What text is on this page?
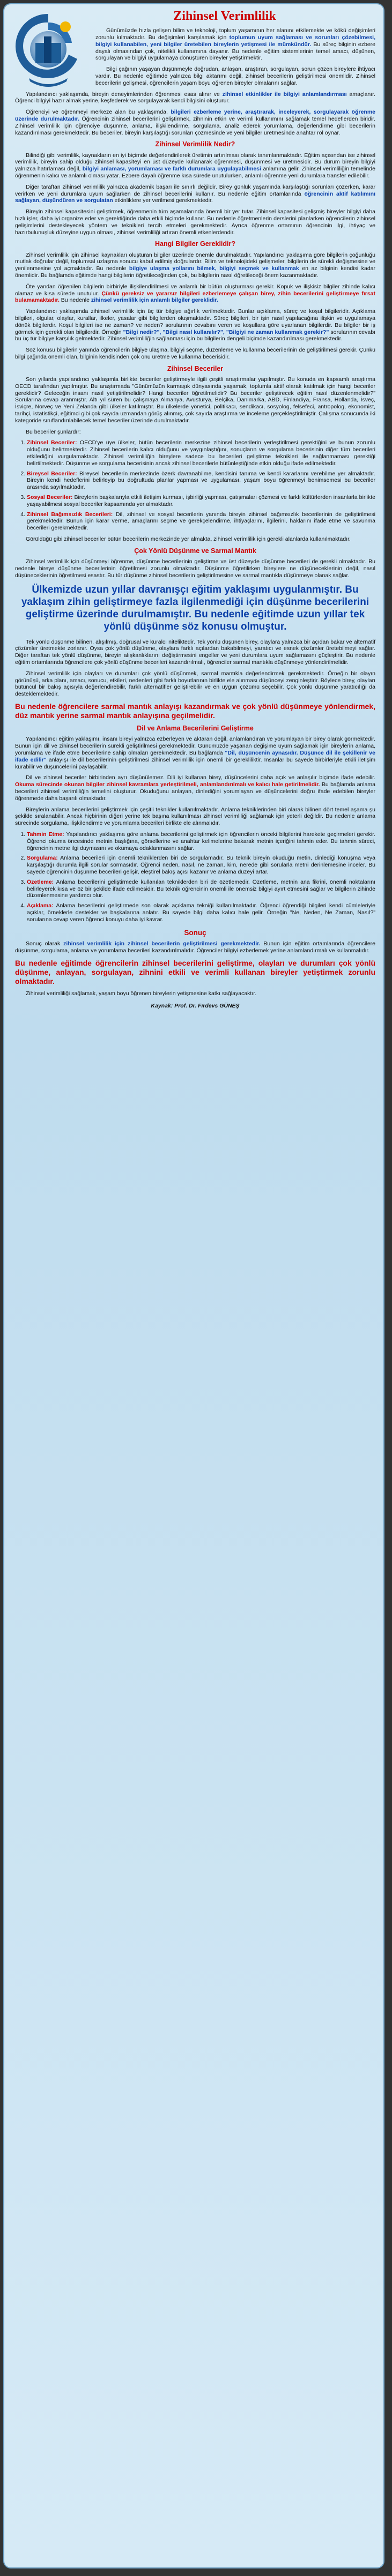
Zihinsel Verimlilik

Günümüzde hızla gelişen bilim ve teknoloji, toplum yaşamının her alanını etkilemekte ve kökü değişimleri zorunlu kılmaktadır. Bu değişimleri karşılamak için toplumun uyum sağlaması ve sorunları çözebilmesi, bilgiyi kullanabilen, yeni bilgiler üretebilen bireylerin yetişmesi ile mümkündür. Bu süreç bilginin ezbere dayalı olmasından çok, nitelikli kullanımına dayanır. Bu nedenle eğitim sistemlerinin temel amacı, düşünen, sorgulayan ve bilgiyi uygulamaya dönüştüren bireyler yetiştirmektir.

Bilgi çağının yaşayan düşünmeyle doğrudan, anlaşan, araştıran, sorgulayan, sorun çözen bireylere ihtiyacı vardır. Bu nedenle eğitimde yalnızca bilgi aktarımı değil, zihinsel becerilerin geliştirilmesi önemlidir. Zihinsel becerilerin gelişmesi, öğrencilerin yaşam boyu öğrenen bireyler olmalarını sağlar.

Yapılandırıcı yaklaşımda, bireyin deneyimlerinden öğrenmesi esas alınır ve zihinsel etkinlikler ile bilgiyi anlamlandırması amaçlanır. Öğrenci bilgiyi hazır almak yerine, keşfederek ve sorgulayarak kendi bilgisini oluşturur.

Öğrenciyi ve öğrenmeyi merkeze alan bu yaklaşımda, bilgileri ezberleme yerine, araştırarak, inceleyerek, sorgulayarak öğrenme üzerinde durulmaktadır. Öğrencinin zihinsel becerilerini geliştirmek, zihninin etkin ve verimli kullanımını sağlamak temel hedeflerden biridir. Zihinsel verimlilik için öğrenciye düşünme, anlama, ilişkilendirme, sorgulama, analiz ederek yorumlama, değerlendirme gibi becerilerin kazandırılması gerekmektedir. Bu beceriler, bireyin karşılaştığı sorunları çözmesinde ve yeni bilgiler üretmesinde anahtar rol oynar.

Zihinsel Verimlilik Nedir?

Bilindiği gibi verimlilik, kaynakların en iyi biçimde değerlendirilerek üretimin artırılması olarak tanımlanmaktadır. Eğitim açısından ise zihinsel verimlilik, bireyin sahip olduğu zihinsel kapasiteyi en üst düzeyde kullanarak öğrenmesi, düşünmesi ve üretmesidir. Bu durum bireyin bilgiyi yalnızca hatırlaması değil, bilgiyi anlaması, yorumlaması ve farklı durumlara uygulayabilmesi anlamına gelir. Zihinsel verimliliğin temelinde öğrenmenin kalıcı ve anlamlı olması yatar. Ezbere dayalı öğrenme kısa sürede unutulurken, anlamlı öğrenme yeni durumlara transfer edilebilir.

Diğer taraftan zihinsel verimlilik yalnızca akademik başarı ile sınırlı değildir. Birey günlük yaşamında karşılaştığı sorunları çözerken, karar verirken ve yeni durumlara uyum sağlarken de zihinsel becerilerini kullanır. Bu nedenle eğitim ortamlarında öğrencinin aktif katılımını sağlayan, düşündüren ve sorgulatan etkinliklere yer verilmesi gerekmektedir.

Bireyin zihinsel kapasitesini geliştirmek, öğrenmenin tüm aşamalarında önemli bir yer tutar. Zihinsel kapasitesi gelişmiş bireyler bilgiyi daha hızlı işler, daha iyi organize eder ve gerektiğinde daha etkili biçimde kullanır. Bu nedenle öğretmenlerin derslerini planlarken öğrencilerin zihinsel gelişimlerini destekleyecek yöntem ve teknikleri tercih etmeleri gerekmektedir. Ayrıca öğrenme ortamının öğrencinin ilgi, ihtiyaç ve hazırbulunuşluk düzeyine uygun olması, zihinsel verimliliği artıran önemli etkenlerdendir.

Hangi Bilgiler Gereklidir?

Zihinsel verimlilik için zihinsel kaynakları oluşturan bilgiler üzerinde önemle durulmaktadır. Yapılandırıcı yaklaşıma göre bilgilerin çoğunluğu mutlak doğrular değil, toplumsal uzlaşma sonucu kabul edilmiş doğrulardır. Bilim ve teknolojideki gelişmeler, bilgilerin de sürekli değişmesine ve yenilenmesine yol açmaktadır. Bu nedenle bilgiye ulaşma yollarını bilmek, bilgiyi seçmek ve kullanmak en az bilginin kendisi kadar önemlidir. Bu bağlamda eğitimde hangi bilgilerin öğretileceğinden çok, bu bilgilerin nasıl öğretileceği önem kazanmaktadır.

Öte yandan öğrenilen bilgilerin birbiriyle ilişkilendirilmesi ve anlamlı bir bütün oluşturması gerekir. Kopuk ve ilişkisiz bilgiler zihinde kalıcı olamaz ve kısa sürede unutulur. Çünkü gereksiz ve yararsız bilgileri ezberlemeye çalışan birey, zihin becerilerini geliştirmeye fırsat bulamamaktadır. Bu nedenle zihinsel verimlilik için anlamlı bilgiler gereklidir.

Yapılandırıcı yaklaşımda zihinsel verimlilik için üç tür bilgiye ağırlık verilmektedir. Bunlar açıklama, süreç ve koşul bilgileridir. Açıklama bilgileri, olgular, olaylar, kurallar, ilkeler, yasalar gibi bilgilerden oluşmaktadır. Süreç bilgileri, bir işin nasıl yapılacağına ilişkin ve uygulamaya dönük bilgilerdir. Koşul bilgileri ise ne zaman? ve neden? sorularının cevabını veren ve koşullara göre uyarlanan bilgilerdir. Bu bilgiler bir iş görmek için gerekli olan bilgilerdir. Örneğin "Bilgi nedir?", "Bilgi nasıl kullanılır?", "Bilgiyi ne zaman kullanmak gerekir?" sorularının cevabı bu üç tür bilgiye karşılık gelmektedir. Zihinsel verimliliğin sağlanması için bu bilgilerin dengeli biçimde kazandırılması gerekmektedir.

Söz konusu bilgilerin yanında öğrencilerin bilgiye ulaşma, bilgiyi seçme, düzenleme ve kullanma becerilerinin de geliştirilmesi gerekir. Çünkü bilgi çağında önemli olan, bilginin kendisinden çok onu üretme ve kullanma becerisidir.

Zihinsel Beceriler

Son yıllarda yapılandırıcı yaklaşımla birlikte beceriler geliştirmeyle ilgili çeşitli araştırmalar yapılmıştır. Bu konuda en kapsamlı araştırma OECD tarafından yapılmıştır. Bu araştırmada "Günümüzün karmaşık dünyasında yaşamak, toplumla aktif olarak katılmak için hangi beceriler gereklidir? Geleceğin insanı nasıl yetiştirilmelidir? Hangi beceriler öğretilmelidir? Bu beceriler geliştirecek eğitim nasıl düzenlenmelidir?" Sorularına cevap aranmıştır. Altı yıl süren bu çalışmaya Almanya, Avusturya, Belçika, Danimarka, ABD, Finlandiya, Fransa, Hollanda, İsveç, İsviçre, Norveç ve Yeni Zelanda gibi ülkeler katılmıştır. Bu ülkelerde yönetici, politikacı, sendikacı, sosyolog, felsefeci, antropolog, ekonomist, tarihçi, istatistikçi, eğitimci gibi çok sayıda uzmandan görüş alınmış, çok sayıda araştırma ve inceleme gerçekleştirilmiştir. Çalışma sonucunda iki kategoride sınıflandırılabilecek temel beceriler üzerinde durulmaktadır.

Bu beceriler şunlardır:

1. Zihinsel Beceriler: OECD'ye üye ülkeler, bütün becerilerin merkezine zihinsel becerilerin yerleştirilmesi gerektiğini ve bunun zorunlu olduğunu belirtmektedir. Zihinsel becerilerin kalıcı olduğunu ve yaygınlaştığını, sonuçların ve sorgulama becerisinin diğer tüm becerileri etkilediğini vurgulamaktadır. Zihinsel verimliliğin bireylere sadece bu becerileri geliştirme teknikleri ile sağlanmaması gerektiği belirtilmektedir. Düşünme ve sorgulama becerisinin ancak zihinsel becerilerle bütünleştiğinde etkin olduğu ifade edilmektedir.
2. Bireysel Beceriler: Bireysel becerilerin merkezinde özerk davranabilme, kendisini tanıma ve kendi kararlarını verebilme yer almaktadır. Bireyin kendi hedeflerini belirleyip bu doğrultuda planlar yapması ve uygulaması, yaşam boyu öğrenmeyi benimsemesi bu beceriler arasında sayılmaktadır.
3. Sosyal Beceriler: Bireylerin başkalarıyla etkili iletişim kurması, işbirliği yapması, çatışmaları çözmesi ve farklı kültürlerden insanlarla birlikte yaşayabilmesi sosyal beceriler kapsamında yer almaktadır.
4. Zihinsel Bağımsızlık Becerileri: Dil, zihinsel ve sosyal becerilerin yanında bireyin zihinsel bağımsızlık becerilerinin de geliştirilmesi gerekmektedir. Bunun için karar verme, amaçlarını seçme ve gerekçelendirme, ihtiyaçlarını, ilgilerini, haklarını ifade etme ve savunma becerileri gerekmektedir.

Görüldüğü gibi zihinsel beceriler bütün becerilerin merkezinde yer almakta, zihinsel verimlilik için gerekli alanlarda kullanılmaktadır.

Çok Yönlü Düşünme ve Sarmal Mantık

Zihinsel verimlilik için düşünmeyi öğrenme, düşünme becerilerinin geliştirme ve üst düzeyde düşünme becerileri de gerekli olmaktadır. Bu nedenle bireye düşünme becerilerinin öğretilmesi zorunlu olmaktadır. Düşünme öğretilirken bireylere ne düşüneceklerinin değil, nasıl düşüneceklerinin öğretilmesi esastır. Bu tür düşünme zihinsel becerilerin geliştirilmesine ve sarmal mantıkla düşünmeye olanak sağlar.

Ülkemizde uzun yıllar davranışçı eğitim yaklaşımı uygulanmıştır. Bu yaklaşım zihin geliştirmeye fazla ilgilenmediği için düşünme becerilerini geliştirme üzerinde durulmamıştır. Bu nedenle eğitimde uzun yıllar tek yönlü düşünme söz konusu olmuştur.

Tek yönlü düşünme bilinen, alışılmış, doğrusal ve kuralcı niteliktedir. Tek yönlü düşünen birey, olaylara yalnızca bir açıdan bakar ve alternatif çözümler üretmekte zorlanır. Oysa çok yönlü düşünme, olaylara farklı açılardan bakabilmeyi, yaratıcı ve esnek çözümler üretebilmeyi sağlar. Diğer taraftan tek yönlü düşünme, bireyin alışkanlıklarını değiştirmesini engeller ve yeni durumlara uyum sağlamasını güçleştirir. Bu nedenle eğitim ortamlarında öğrencilere çok yönlü düşünme becerileri kazandırılmalı, öğrenciler sarmal mantıkla düşünmeye yönlendirilmelidir.

Zihinsel verimlilik için olayları ve durumları çok yönlü düşünmek, sarmal mantıkla değerlendirmek gerekmektedir. Örneğin bir olayın görünüşü, arka planı, amacı, sonucu, etkileri, nedenleri gibi farklı boyutlarının birlikte ele alınması düşünceyi zenginleştirir. Böylece birey, olayları bütüncül bir bakış açısıyla değerlendirebilir, farklı alternatifler geliştirebilir ve en uygun çözümü seçebilir. Çok yönlü düşünme yaratıcılığı da desteklemektedir.

Bu nedenle öğrencilere sarmal mantık anlayışı kazandırmak ve çok yönlü düşünmeye yönlendirmek, düz mantık yerine sarmal mantık anlayışına geçilmelidir.
Dil ve Anlama Becerilerini Geliştirme

Yapılandırıcı eğitim yaklaşımı, insanı bireyi yalnızca ezberleyen ve aktaran değil, anlamlandıran ve yorumlayan bir birey olarak görmektedir. Bunun için dil ve zihinsel becerilerin sürekli geliştirilmesi gerekmektedir. Günümüzde yaşanan değişime uyum sağlamak için bireylerin anlama, yorumlama ve ifade etme becerilerine sahip olmaları gerekmektedir. Bu bağlamda "Dil, düşüncenin aynasıdır. Düşünce dil ile şekillenir ve ifade edilir" anlayışı ile dil becerilerinin geliştirilmesi zihinsel verimlilik için önemli bir gerekliliktir. İnsanlar bu sayede birbirleriyle etkili iletişim kurabilir ve düşüncelerini paylaşabilir.

Dil ve zihinsel beceriler birbirinden ayrı düşünülemez. Dili iyi kullanan birey, düşüncelerini daha açık ve anlaşılır biçimde ifade edebilir. Okuma sürecinde okunan bilgiler zihinsel kavramlara yerleştirilmeli, anlamlandırılmalı ve kalıcı hale getirilmelidir. Bu bağlamda anlama becerileri zihinsel verimliliğin temelini oluşturur. Okuduğunu anlayan, dinlediğini yorumlayan ve düşüncelerini doğru ifade edebilen bireyler öğrenmede daha başarılı olmaktadır.

Bireylerin anlama becerilerini geliştirmek için çeşitli teknikler kullanılmaktadır. Anlama tekniklerinden biri olarak bilinen dört temel aşama şu şekilde sıralanabilir. Ancak hiçbirinin diğeri yerine tek başına kullanılması zihinsel verimliliği sağlamak için yeterli değildir. Bu nedenle anlama sürecinde sorgulama, ilişkilendirme ve yorumlama becerileri birlikte ele alınmalıdır.

1. Tahmin Etme: Yapılandırıcı yaklaşıma göre anlama becerilerini geliştirmek için öğrencilerin önceki bilgilerini harekete geçirmeleri gerekir. Öğrenci okuma öncesinde metnin başlığına, görsellerine ve anahtar kelimelerine bakarak metnin içeriğini tahmin eder. Bu tahmin süreci, öğrencinin metne ilgi duymasını ve okumaya odaklanmasını sağlar.
2. Sorgulama: Anlama becerileri için önemli tekniklerden biri de sorgulamadır. Bu teknik bireyin okuduğu metin, dinlediği konuşma veya karşılaştığı durumla ilgili sorular sormasıdır. Öğrenci neden, nasıl, ne zaman, kim, nerede gibi sorularla metni derinlemesine inceler. Bu sayede öğrencinin düşünme becerileri gelişir, eleştirel bakış açısı kazanır ve anlama düzeyi artar.
3. Özetleme: Anlama becerilerini geliştirmede kullanılan tekniklerden biri de özetlemedir. Özetleme, metnin ana fikrini, önemli noktalarını belirleyerek kısa ve öz bir şekilde ifade edilmesidir. Bu teknik öğrencinin önemli ile önemsiz bilgiyi ayırt etmesini sağlar ve bilgilerin zihinde düzenlenmesine yardımcı olur.
4. Açıklama: Anlama becerilerini geliştirmede son olarak açıklama tekniği kullanılmaktadır. Öğrenci öğrendiği bilgileri kendi cümleleriyle açıklar, örneklerle destekler ve başkalarına anlatır. Bu sayede bilgi daha kalıcı hale gelir. Örneğin "Ne, Neden, Ne Zaman, Nasıl?" sorularına cevap veren öğrenci konuyu daha iyi kavrar.
Sonuç

Sonuç olarak zihinsel verimlilik için zihinsel becerilerin geliştirilmesi gerekmektedir. Bunun için eğitim ortamlarında öğrencilere düşünme, sorgulama, anlama ve yorumlama becerileri kazandırılmalıdır. Öğrenciler bilgiyi ezberlemek yerine anlamlandırmalı ve kullanmalıdır.

Bu nedenle eğitimde öğrencilerin zihinsel becerilerini geliştirme, olayları ve durumları çok yönlü düşünme, anlayan, sorgulayan, zihnini etkili ve verimli kullanan bireyler yetiştirmek zorunlu olmaktadır.

Zihinsel verimliliği sağlamak, yaşam boyu öğrenen bireylerin yetişmesine katkı sağlayacaktır.

Kaynak: Prof. Dr. Fırdevs GÜNEŞ
